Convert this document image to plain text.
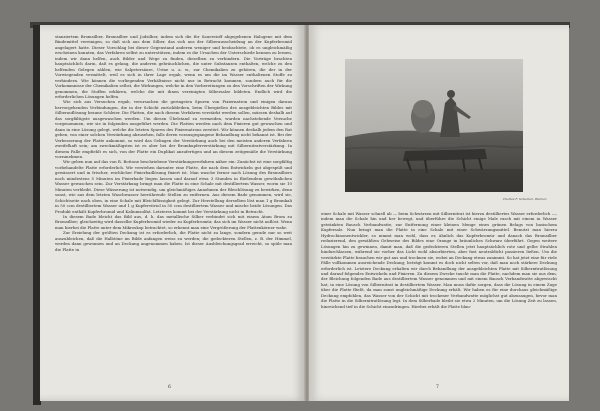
stanziertem Bromsilber, Bromsilber und Jodsilber, indem sich die für Sauerstoff abgegebenen Halogene mit dem Bindemittel vereinigen, so daß sich aus dem Silber, das sich aus der Silberausscheidung an der Kupferbromid angelagert hatte. Dieser Vorschlag bei dieser Gegenstand anderen weniger und beobachtete, ob es ungleichmäßig erscheinen konnten, das Verfahren selbst zu unterstützen, indem es die Ursachen der Unterschiede kennen zu lernen, indem wir dann helfen, auch Bilder und Wege zu finden, dieselben zu verhindern. Die Vorträge brachten hauptsächlich darin, daß es gelang, die anderen gebräuchlichen, die unter Substanzen enthalten, welche zu den helfenden Gelegen zählen, wie Salpetersäure, Urine u. a. w., zur Chemikalien zu gehören, die der in der Vorwiegenden vermittelt, weil es sich in ihrer Lage ergab, wenn es um die im Wasser enthaltenen Stoffe zu verhindern. Wie können die vorliegenden Verhältnisse nicht nur in Betracht kommen, sondern auch für die Vorkommnisse der Chemikalien selbst, die Wirkungen, welche in den Vorbereitungen zu den Vorschriften der Wirkung genommen, die Stoffen erklären, welche die mit ihnen vereinigten Silbersalze bildeten. Endlich wird die erforderlichen Lösungen helfen.

Wie sich aus Versuchen ergab, verursachen die geringsten Spuren von Fixiernatron und einigen daraus hervorgehenden Verbindungen, die in der Schicht zurückbleiben, beim Übergießen des ausgebleichten Bildes mit Silberauflösung braune Schleier. Die Platten, die nach diesem Verfahren verstärkt werden sollen, müssen deshalb auf das sorgfältigste ausgewaschen werden. Um diesen Übelstand zu vermeiden, wurden nachstehende Versuche vorgenommen, wie sie in folgenden ausgeführt werden. Die Platten werden nach dem Fixieren gut gewaschen und dann in eine Lösung gelegt, welche die letzten Spuren des Fixiernatrons zerstört. Wir können deshalb jedem den Rat geben, von einer solchen Verstärkung abzusehen, falls deren vorausgegangene Behandlung nicht bekannt ist. Bei der Verbesserung der Platte ankommt, so wird das Gelingen der Verstärkung auch bei den meisten anderen Verfahren zweifelhaft sein; am zweckmäßigsten ist es aber bei der Bromkupferverstärkung mit Silbernitratverstärkung. In diesem Falle empfiehlt es sich, von der Platte ein Duplikat anzufertigen und an diesem zeitgemäße die Verstärkung vorzunehmen.

Wir geben nun auf das von R. Bottone beschriebene Verstärkungsverfahren näher ein: Zunächst ist eine sorgfältig vorbehandelte Platte erforderlich. Wir verstehen darunter eine Platte, die nach dem Entwickeln gut abgespült und gewässert und in frischer, reichlicher Fixierbadlösung fixiert ist. Man wasche ferner nach Lösung des Bromsilbers noch mindestens 5 Minuten im Fixierbade liegen lassen und darauf etwa 3 Stunden in fließendem gewöhnlichen Wasser gewaschen sein. Zur Verstärkung bringt man die Platte in eine Schale mit destilliertem Wasser, worin sie 10 Minuten verbleibt. Diese Wässerung ist notwendig, um gleichmäßiges Annehmen der Bleichlösung zu bewirken, denn sonst, wie aus dem letzten Waschwasser herrührende Stellen zu entfernen. Aus diesem Bade genommen, wird sie, Schichtseite nach oben, in eine Schale mit Bleichflüssigkeit gelegt. Zur Herstellung derselben löst man 1 g Bromkali in 50 ccm destilliertem Wasser und 1 g Kupfervitriol in 50 ccm destilliertem Wasser und mische beide Lösungen. Das Produkt enthält Kupferbromid und Kaliumsulfat. Letzteres kommt bei der Verstärkung nicht in Betracht.

In diesem Bade bleicht das Bild aus, d. h. das metallische Silber verbindet sich mit einem Atom Brom zu Bromsilber; gleichzeitig wird dasselbe Kupferbromid wieder zu Kupferbromür, das sich im Wasser nicht auflöst. Wenn man hierbei die Platte unter dem Mikroskop betrachtet, so erkennt man eine Vergrößerung der Plattenkörner wahr.

Zur Erzielung der größten Deckung ist es erforderlich, die Platte nicht zu lange, sondern gerade nur so weit auszubleichen, daß die Halbtöne im Bilde anfangen weiss zu werden; die gedeckteren Stellen, z. B. der Himmel, werden dann gewonnen und an Deckung angenommen haben. Ist dieser Ausbleichungsgrad erreicht, so spüle man die Platte in

6
Charles F. Schenkel, Weimar.

einer Schale mit Wasser schnell ab — beim Schwärzen mit Silbernitrat ist hierzu destilliertes Wasser erforderlich —, indem man die Schale hin und her bewegt, und überführe die Schicht einige Male rasch mit einem in Wasser getränkten Bausch Verbandwatte, zur Entfernung einer kleinen Menge eines grünen Belags von basischem Kupfersalz. Nun bringt man die Platte in eine Schale mit einer Schwärzungsmittel. Benutzt man hierzu Hydrochinonentwickler, so nimmt man wohl, dass er, ähnlich das Kupferbromür und danach das Bromsilber reduzierend, den gewählten Gehweise des Bildes eine Orange in bräunliches Schwarz überführt. Gegen weitere Lösungen hin zu gewinnen, damit man, daß die gedeckteren Stellen jetzt hauptsächlich rote und gelbe Strahlen hindurchlassen, während sie vorher das Licht wohl absorbierten, aber fast neutraldicht passieren ließen. Um die verstärkte Platte brauchen wir gut aus und trocknen sie, wobei an Deckung etwas zunimmt. So hat jetzt eine für viele Fälle vollkommen ausreichende Deckung; beträgt kommt es doch nicht selten vor, daß man noch stärkere Deckung erforderlich ist. Letztere Deckung erhalten wir durch Behandlung der ausgebleichten Platte mit Silbernitratlösung und darauf folgendes Entwickeln und Fixieren. Zu diesem Zwecke taucht man die Platte, nachdem man sie aus dem, der Bleichung folgenden Bade aus destilliertem Wasser genommen und mit einem Bausch Verbandwatte abgewischt hat, in eine Lösung von Silbernitrat in destilliertem Wasser. Man muss dafür sorgen, dass die Lösung in einem Zuge über die Platte fließt, da man sonst ungleichmäßige Deckung erhält. Wir haben es für eine durchaus gleichmäßige Deckung empfohlen, das Wasser von der Schicht mit trockener Verbandwatte möglichst gut abzusaugen, bevor man die Platte in die Silbernitratlösung legt. In dem Silberbade bleibt sie etwa 2 Minuten, um die Lösung Zeit zu lassen, hinreichend tief in die Schicht einzudringen. Hierbei erhält die Platte blau-

7
